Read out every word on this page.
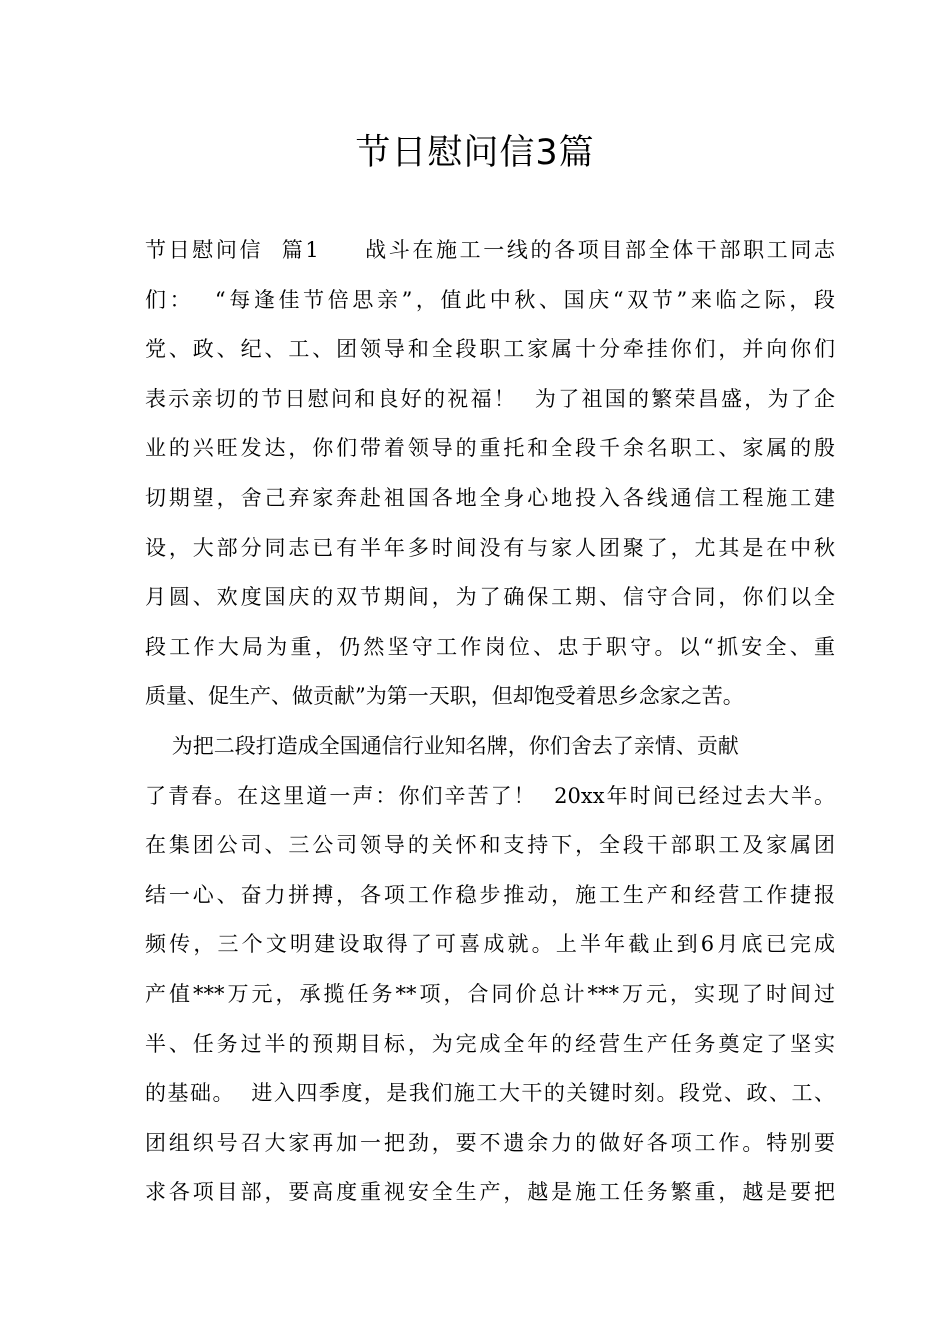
节日慰问信3篇
节日慰问信  篇1     战斗在施工一线的各项目部全体干部职工同志
们：  “每逢佳节倍思亲”，值此中秋、国庆“双节”来临之际，段
党、政、纪、工、团领导和全段职工家属十分牵挂你们，并向你们
表示亲切的节日慰问和良好的祝福！  为了祖国的繁荣昌盛，为了企
业的兴旺发达，你们带着领导的重托和全段千余名职工、家属的殷
切期望，舍己弃家奔赴祖国各地全身心地投入各线通信工程施工建
设，大部分同志已有半年多时间没有与家人团聚了，尤其是在中秋
月圆、欢度国庆的双节期间，为了确保工期、信守合同，你们以全
段工作大局为重，仍然坚守工作岗位、忠于职守。以“抓安全、重
质量、促生产、做贡献”为第一天职，但却饱受着思乡念家之苦。
为把二段打造成全国通信行业知名牌，你们舍去了亲情、贡献
了青春。在这里道一声：你们辛苦了！  20xx年时间已经过去大半。
在集团公司、三公司领导的关怀和支持下，全段干部职工及家属团
结一心、奋力拼搏，各项工作稳步推动，施工生产和经营工作捷报
频传，三个文明建设取得了可喜成就。上半年截止到6月底已完成
产值***万元，承揽任务**项，合同价总计***万元，实现了时间过
半、任务过半的预期目标，为完成全年的经营生产任务奠定了坚实
的基础。  进入四季度，是我们施工大干的关键时刻。段党、政、工、
团组织号召大家再加一把劲，要不遗余力的做好各项工作。特别要
求各项目部，要高度重视安全生产，越是施工任务繁重，越是要把
